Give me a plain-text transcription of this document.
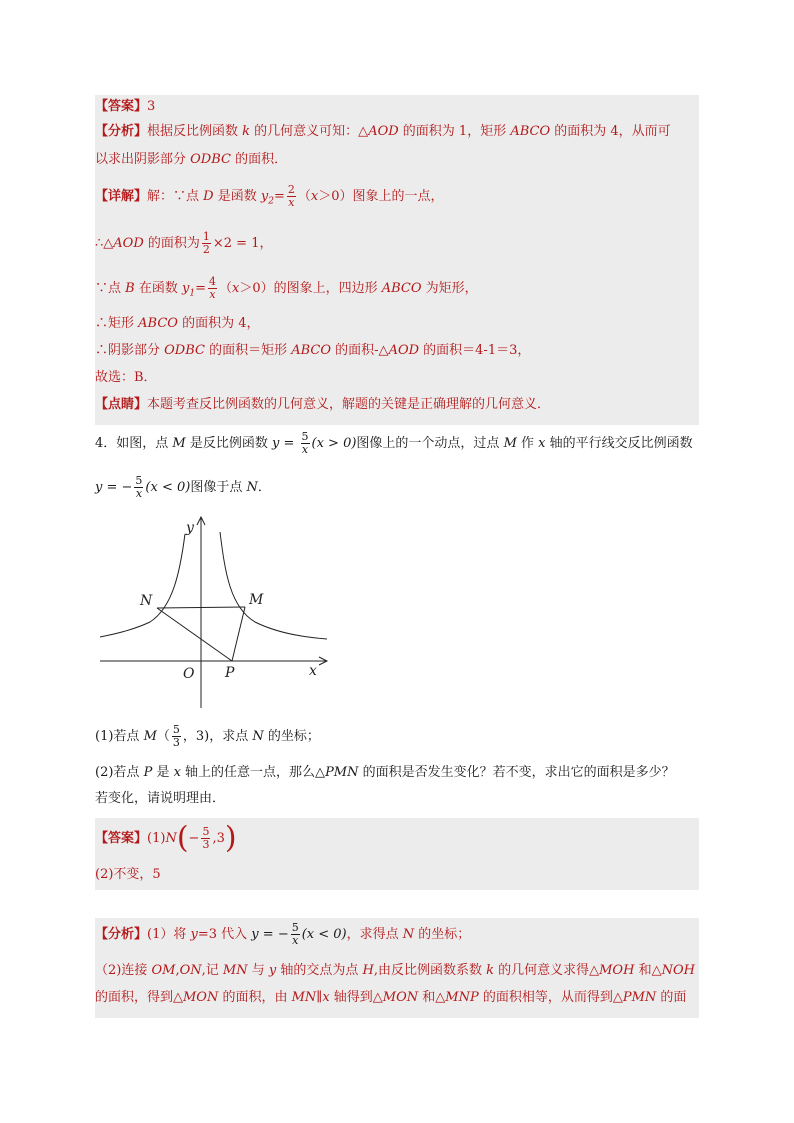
【答案】3
【分析】根据反比例函数 k 的几何意义可知：△AOD 的面积为 1，矩形 ABCO 的面积为 4，从而可
以求出阴影部分 ODBC 的面积．
【详解】解：∵点 D 是函数 $y_2= \frac{2}{x} (x>0)$图象上的一点，
∴△AOD 的面积为 $\frac{1}{2} \times 2 = 1$，
∵点 B 在函数 $y_1= \frac{4}{x} (x>0)$的图象上，四边形 ABCO 为矩形，
∴矩形 ABCO 的面积为 4，
∴阴影部分 ODBC 的面积＝矩形 ABCO 的面积-△AOD 的面积＝4-1＝3，
故选：B．
【点睛】本题考查反比例函数的几何意义，解题的关键是正确理解的几何意义．
4．如图，点 M 是反比例函数 $y = \frac{5}{x} (x > 0)$图像上的一个动点，过点 M 作 x 轴的平行线交反比例函数
y = − $\frac{5}{x} (x < 0)$图像于点 N．
y
x
O
N	M
P
(1)若点 $M( \frac{5}{3}$ ，3)，求点 N 的坐标；
(2)若点 P 是 x 轴上的任意一点，那么△PMN 的面积是否发生变化？若不变，求出它的面积是多少？
若变化，请说明理由．
【答案】$(1)N(- \frac{5}{3} ,3)$
(2)不变，5
【分析】(1）将 y=3 代入 y = − $\frac{5}{x} (x < 0)$，求得点 N 的坐标；
（2)连接 OM,ON,记 MN 与 y 轴的交点为点 H,由反比例函数系数 k 的几何意义求得△MOH 和△NOH
的面积，得到△MON 的面积，由 MN∥x 轴得到△MON 和△MNP 的面积相等，从而得到△PMN 的面
